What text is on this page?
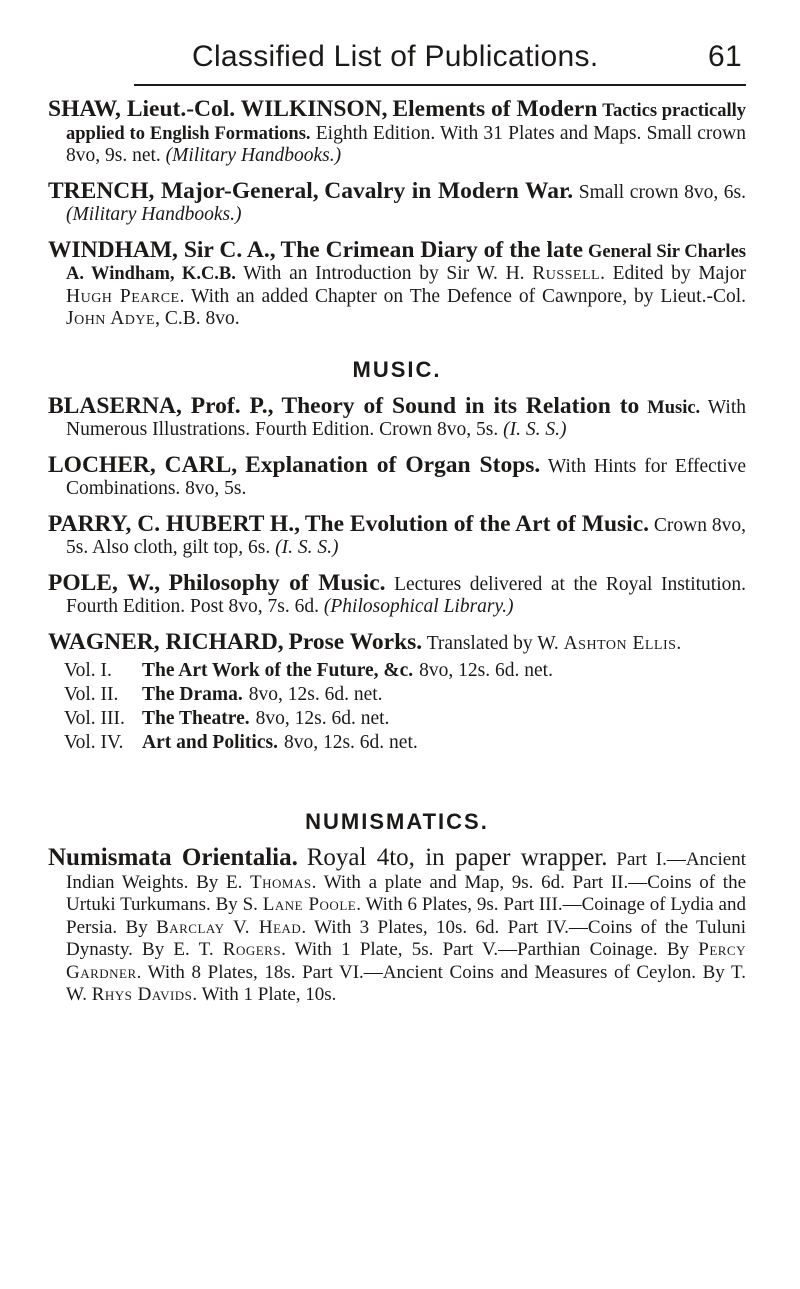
Classified List of Publications.	61

SHAW, Lieut.-Col. WILKINSON, Elements of Modern Tactics practically applied to English Formations. Eighth Edition. With 31 Plates and Maps. Small crown 8vo, 9s. net. (Military Handbooks.)

TRENCH, Major-General, Cavalry in Modern War. Small crown 8vo, 6s. (Military Handbooks.)

WINDHAM, Sir C. A., The Crimean Diary of the late General Sir Charles A. Windham, K.C.B. With an Introduction by Sir W. H. Russell. Edited by Major Hugh Pearce. With an added Chapter on The Defence of Cawnpore, by Lieut.-Col. John Adye, C.B. 8vo.

MUSIC.

BLASERNA, Prof. P., Theory of Sound in its Relation to Music. With Numerous Illustrations. Fourth Edition. Crown 8vo, 5s. (I. S. S.)

LOCHER, CARL, Explanation of Organ Stops. With Hints for Effective Combinations. 8vo, 5s.

PARRY, C. HUBERT H., The Evolution of the Art of Music. Crown 8vo, 5s. Also cloth, gilt top, 6s. (I. S. S.)

POLE, W., Philosophy of Music. Lectures delivered at the Royal Institution. Fourth Edition. Post 8vo, 7s. 6d. (Philosophical Library.)

WAGNER, RICHARD, Prose Works. Translated by W. Ashton Ellis.

Vol. I.	The Art Work of the Future, &c. 8vo, 12s. 6d. net.
Vol. II.	The Drama. 8vo, 12s. 6d. net.
Vol. III. The Theatre. 8vo, 12s. 6d. net.
Vol. IV. Art and Politics. 8vo, 12s. 6d. net.
NUMISMATICS.

Numismata Orientalia. Royal 4to, in paper wrapper. Part I.—Ancient Indian Weights. By E. Thomas. With a plate and Map, 9s. 6d. Part II.—Coins of the Urtuki Turkumans. By S. Lane Poole. With 6 Plates, 9s. Part III.—Coinage of Lydia and Persia. By Barclay V. Head. With 3 Plates, 10s. 6d. Part IV.—Coins of the Tuluni Dynasty. By E. T. Rogers. With 1 Plate, 5s. Part V.—Parthian Coinage. By Percy Gardner. With 8 Plates, 18s. Part VI.—Ancient Coins and Measures of Ceylon. By T. W. Rhys Davids. With 1 Plate, 10s.
